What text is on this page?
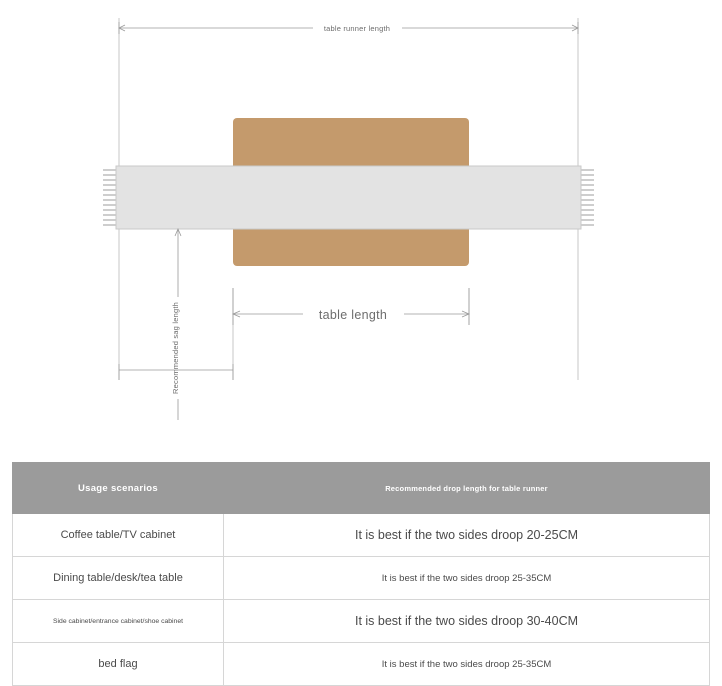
table runner length
table length
Recommended sag length
Usage scenarios	Recommended drop length for table runner
Coffee table/TV cabinet	It is best if the two sides droop 20-25CM
Dining table/desk/tea table	It is best if the two sides droop 25-35CM
Side cabinet/entrance cabinet/shoe cabinet	It is best if the two sides droop 30-40CM
bed flag	It is best if the two sides droop 25-35CM
